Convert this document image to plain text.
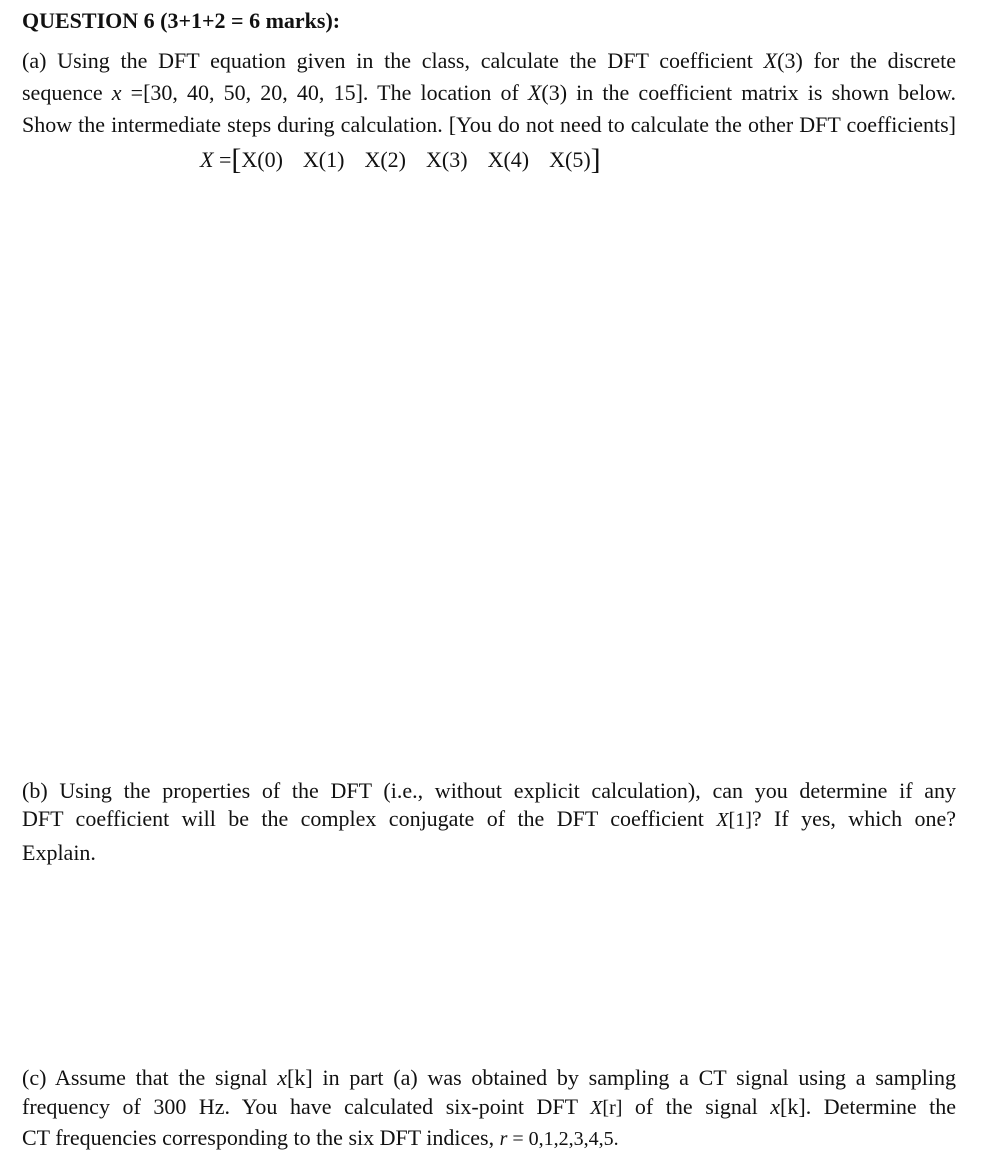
QUESTION 6 (3+1+2 = 6 marks):
(a) Using the DFT equation given in the class, calculate the DFT coefficient X(3) for the discrete
sequence x =[30, 40, 50, 20, 40, 15]. The location of X(3) in the coefficient matrix is shown below.
Show the intermediate steps during calculation. [You do not need to calculate the other DFT coefficients]
X =[X(0) X(1) X(2) X(3) X(4) X(5)]
(b) Using the properties of the DFT (i.e., without explicit calculation), can you determine if any
DFT coefficient will be the complex conjugate of the DFT coefficient X[1]? If yes, which one?
Explain.
(c) Assume that the signal x[k] in part (a) was obtained by sampling a CT signal using a sampling
frequency of 300 Hz. You have calculated six-point DFT X[r] of the signal x[k]. Determine the
CT frequencies corresponding to the six DFT indices, r = 0,1,2,3,4,5.
